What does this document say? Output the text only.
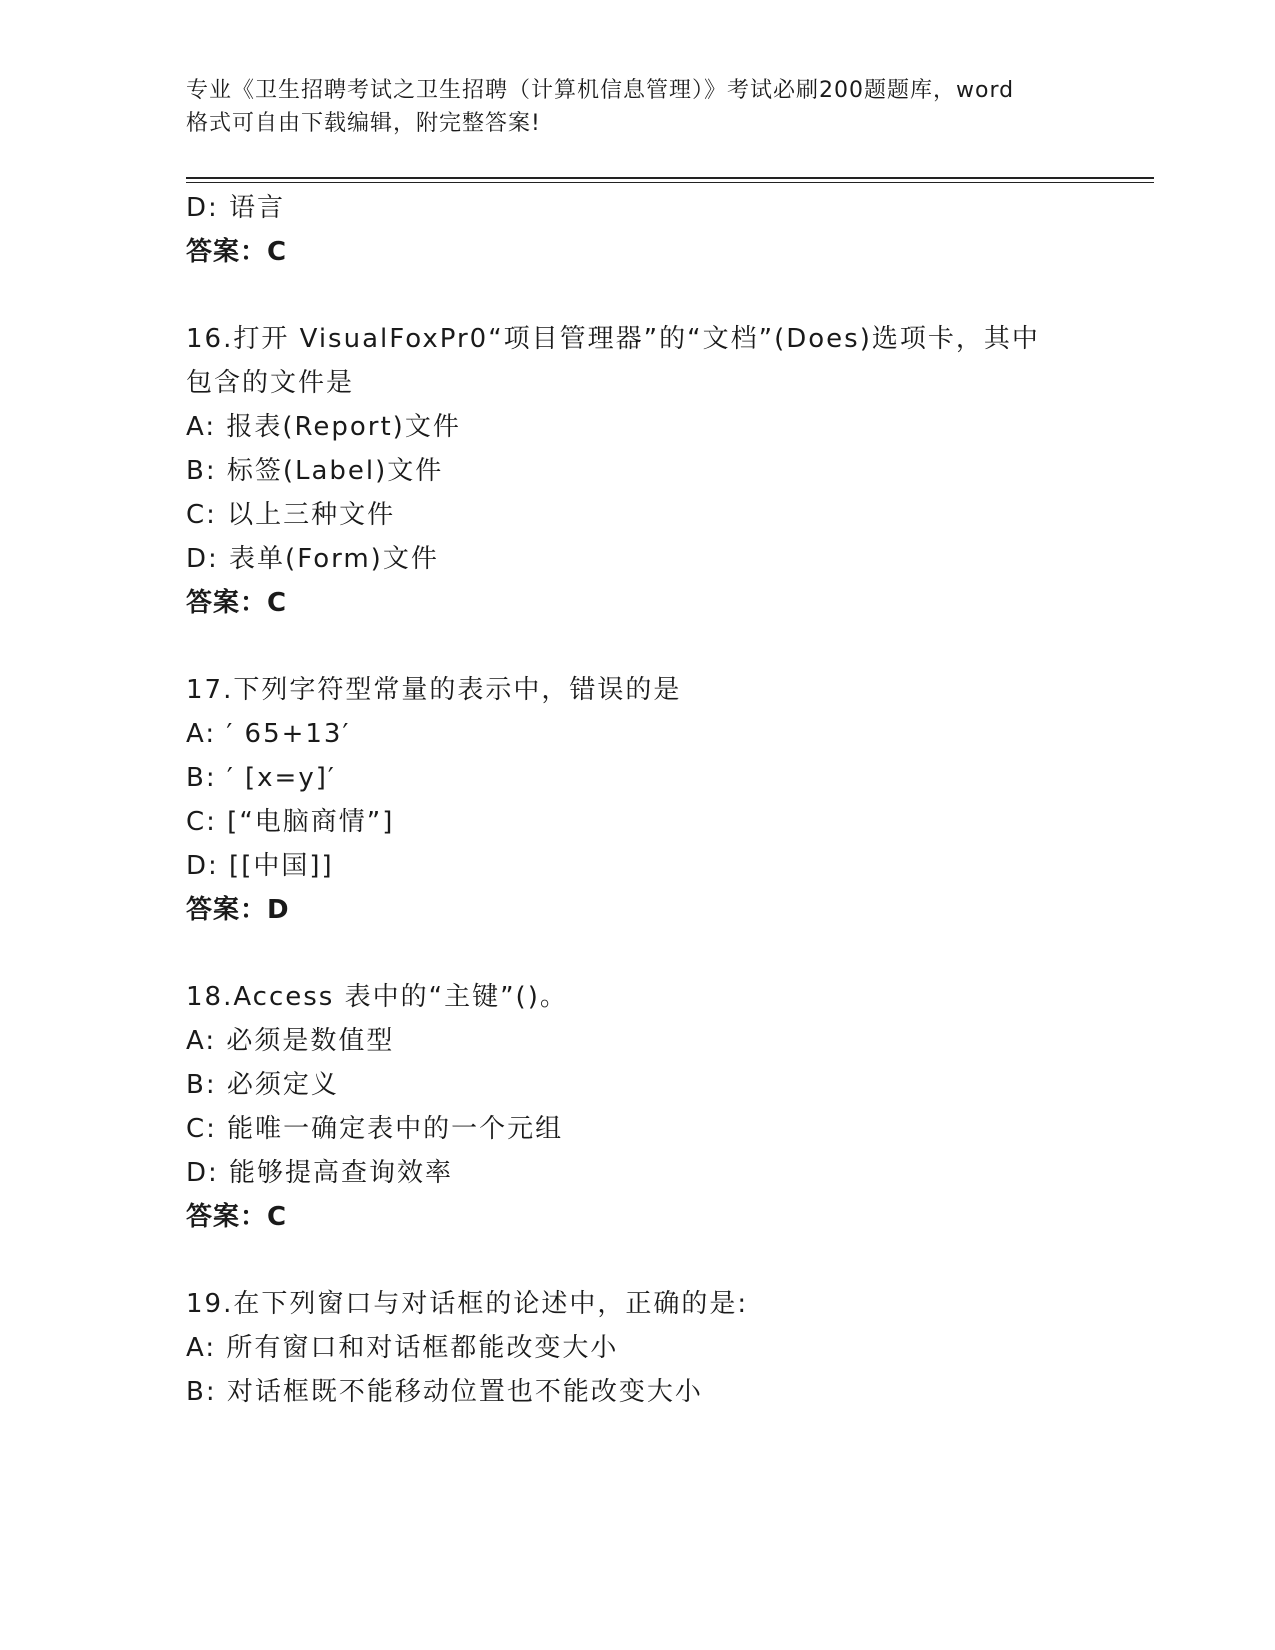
专业《卫生招聘考试之卫生招聘（计算机信息管理）》考试必刷200题题库，word
格式可自由下载编辑，附完整答案!
D: 语言
答案：C
16.打开 VisualFoxPr0“项目管理器”的“文档”(Does)选项卡，其中
包含的文件是
A: 报表(Report)文件
B: 标签(Label)文件
C: 以上三种文件
D: 表单(Form)文件
答案：C
17.下列字符型常量的表示中，错误的是
A: ′ 65+13′
B: ′ [x=y]′
C: [“电脑商情”]
D: [[中国]]
答案：D
18.Access 表中的“主键”()。
A: 必须是数值型
B: 必须定义
C: 能唯一确定表中的一个元组
D: 能够提高查询效率
答案：C
19.在下列窗口与对话框的论述中，正确的是:
A: 所有窗口和对话框都能改变大小
B: 对话框既不能移动位置也不能改变大小
